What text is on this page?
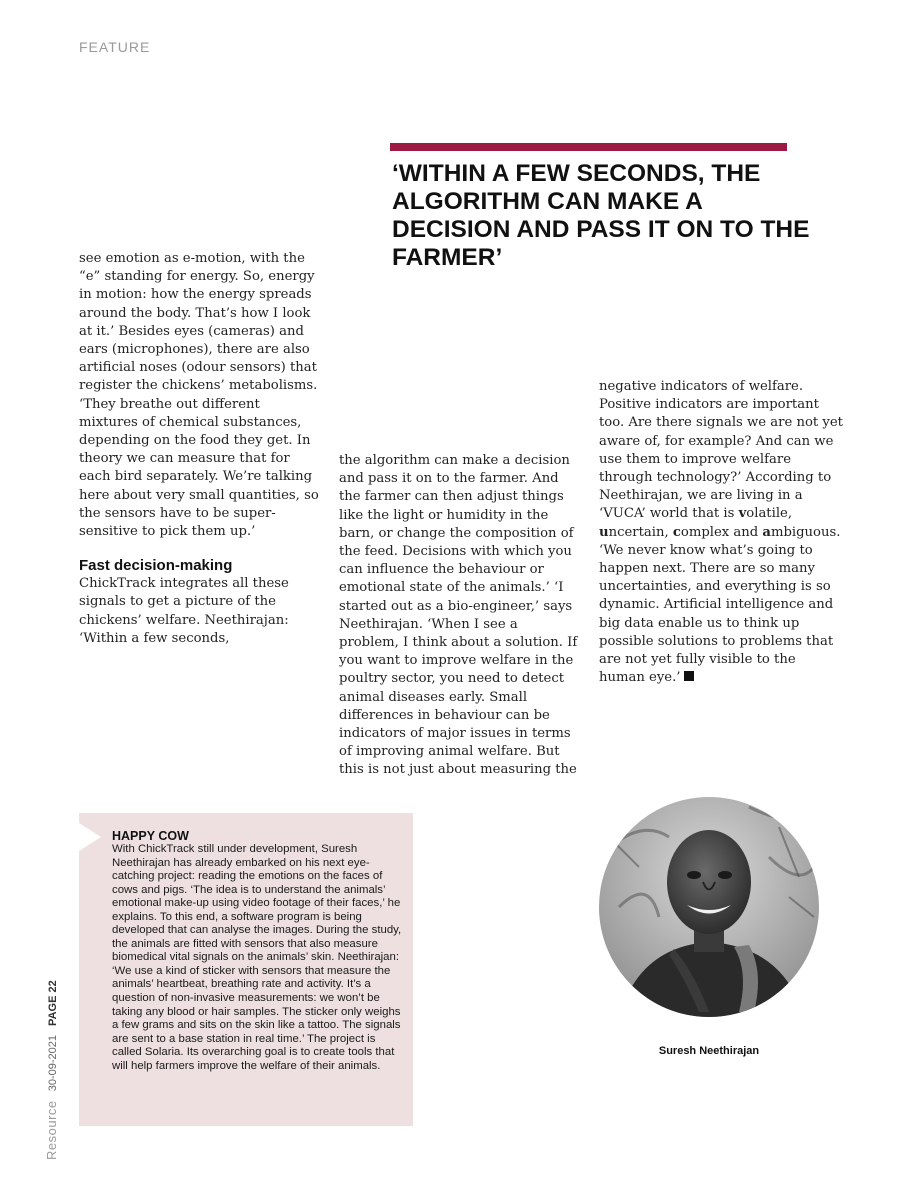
FEATURE
‘WITHIN A FEW SECONDS, THE ALGORITHM CAN MAKE A DECISION AND PASS IT ON TO THE FARMER’

see emotion as e-motion, with the “e” standing for energy. So, energy in motion: how the energy spreads around the body. That’s how I look at it.’ Besides eyes (cameras) and ears (microphones), there are also artificial noses (odour sensors) that register the chickens’ metabolisms. ‘They breathe out different mixtures of chemical substances, depending on the food they get. In theory we can measure that for each bird separately. We’re talking here about very small quantities, so the sensors have to be super-sensitive to pick them up.’

Fast decision-making

ChickTrack integrates all these signals to get a picture of the chickens’ welfare. Neethirajan: ‘Within a few seconds,

the algorithm can make a decision and pass it on to the farmer. And the farmer can then adjust things like the light or humidity in the barn, or change the composition of the feed. Decisions with which you can influence the behaviour or emotional state of the animals.’ ‘I started out as a bio-engineer,’ says Neethirajan. ‘When I see a problem, I think about a solution. If you want to improve welfare in the poultry sector, you need to detect animal diseases early. Small differences in behaviour can be indicators of major issues in terms of improving animal welfare. But this is not just about measuring the

negative indicators of welfare. Positive indicators are important too. Are there signals we are not yet aware of, for example? And can we use them to improve welfare through technology?’ According to Neethirajan, we are living in a ‘VUCA’ world that is volatile, uncertain, complex and ambiguous.

‘We never know what’s going to happen next. There are so many uncertainties, and everything is so dynamic. Artificial intelligence and big data enable us to think up possible solutions to problems that are not yet fully visible to the human eye.’

HAPPY COW

With ChickTrack still under development, Suresh Neethirajan has already embarked on his next eye-catching project: reading the emotions on the faces of cows and pigs. ‘The idea is to understand the animals’ emotional make-up using video footage of their faces,’ he explains. To this end, a software program is being developed that can analyse the images. During the study, the animals are fitted with sensors that also measure biomedical vital signals on the animals’ skin. Neethirajan: ‘We use a kind of sticker with sensors that measure the animals’ heartbeat, breathing rate and activity. It’s a question of non-invasive measurements: we won’t be taking any blood or hair samples. The sticker only weighs a few grams and sits on the skin like a tattoo. The signals are sent to a base station in real time.’ The project is called Solaria. Its overarching goal is to create tools that will help farmers improve the welfare of their animals.

Suresh Neethirajan

Resource 30-09-2021 PAGE 22
